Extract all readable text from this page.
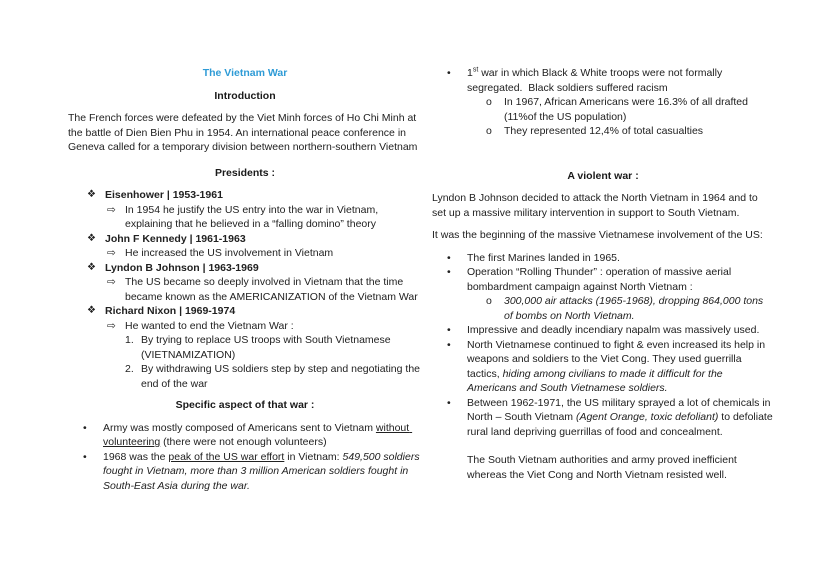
The Vietnam War
Introduction

The French forces were defeated by the Viet Minh forces of Ho Chi Minh at the battle of Dien Bien Phu in 1954. An international peace conference in Geneva called for a temporary division between northern-southern Vietnam

Presidents :
❖ Eisenhower | 1953-1961
⇨ In 1954 he justify the US entry into the war in Vietnam, explaining that he believed in a “falling domino” theory
❖ John F Kennedy | 1961-1963
⇨ He increased the US involvement in Vietnam
❖ Lyndon B Johnson | 1963-1969
⇨ The US became so deeply involved in Vietnam that the time became known as the AMERICANIZATION of the Vietnam War
❖ Richard Nixon | 1969-1974
⇨ He wanted to end the Vietnam War :
1. By trying to replace US troops with South Vietnamese (VIETNAMIZATION)
2. By withdrawing US soldiers step by step and negotiating the end of the war
Specific aspect of that war :
•	Army was mostly composed of Americans sent to Vietnam without volunteering (there were not enough volunteers)
•	1968 was the peak of the US war effort in Vietnam: 549,500 soldiers fought in Vietnam, more than 3 million American soldiers fought in South-East Asia during the war.
•	1st war in which Black & White troops were not formally segregated.  Black soldiers suffered racism
o	In 1967, African Americans were 16.3% of all drafted (11%of the US population)
o	They represented 12,4% of total casualties
A violent war :

Lyndon B Johnson decided to attack the North Vietnam in 1964 and to set up a massive military intervention in support to South Vietnam.

It was the beginning of the massive Vietnamese involvement of the US:

•	The first Marines landed in 1965.
•	Operation “Rolling Thunder” : operation of massive aerial bombardment campaign against North Vietnam :
o	300,000 air attacks (1965-1968), dropping 864,000 tons of bombs on North Vietnam.
•	Impressive and deadly incendiary napalm was massively used.
•	North Vietnamese continued to fight & even increased its help in weapons and soldiers to the Viet Cong. They used guerrilla tactics, hiding among civilians to made it difficult for the Americans and South Vietnamese soldiers.
•	Between 1962-1971, the US military sprayed a lot of chemicals in North – South Vietnam (Agent Orange, toxic defoliant) to defoliate rural land depriving guerrillas of food and concealment.

The South Vietnam authorities and army proved inefficient whereas the Viet Cong and North Vietnam resisted well.
